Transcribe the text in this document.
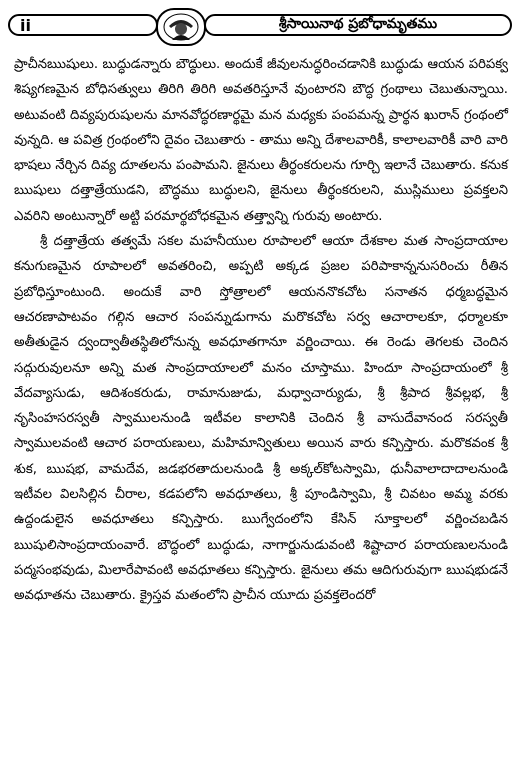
ii	శ్రీసాయినాథ ప్రబోధామృతము

ప్రాచీనఋషులు. బుద్ధుడన్నారు బౌద్ధులు. అందుకే జీవులనుద్ధరించడానికి బుద్ధుడు ఆయన పరిపక్వ శిష్యగణమైన బోధిసత్వులు తిరిగి తిరిగి అవతరిస్తూనే వుంటారని బౌద్ధ గ్రంథాలు చెబుతున్నాయి. అటువంటి దివ్యపురుషులను మానవోద్ధరణార్థమై మన మధ్యకు పంపమన్న ప్రార్థన ఖురాన్ గ్రంథంలో వున్నది. ఆ పవిత్ర గ్రంథంలోని దైవం చెబుతారు - తాము అన్ని దేశాలవారికీ, కాలాలవారికీ వారి వారి భాషలు నేర్చిన దివ్య దూతలను పంపామని. జైనులు తీర్థంకరులను గూర్చి ఇలానే చెబుతారు. కనుక ఋషులు దత్తాత్రేయుడని, బౌద్ధము బుద్ధులని, జైనులు తీర్థంకరులని, ముస్లిములు ప్రవక్తలని ఎవరిని అంటున్నారో అట్టి పరమార్థబోధకమైన తత్త్వాన్ని గురువు అంటారు.

శ్రీ దత్తాత్రేయ తత్వమే సకల మహనీయుల రూపాలలో ఆయా దేశకాల మత సాంప్రదాయాల కనుగుణమైన రూపాలలో అవతరించి, అప్పటి అక్కడ ప్రజల పరిపాకాన్ననుసరించు రీతిన ప్రబోధిస్తూంటుంది. అందుకే వారి స్తోత్రాలలో ఆయననొకచోట సనాతన ధర్మబద్ధమైన ఆచరణాపాటవం గల్గిన ఆచార సంపన్నుడుగాను మరొకచోట సర్వ ఆచారాలకూ, ధర్మాలకూ అతీతుడైన ద్వంద్వాతీతస్థితిలోనున్న అవధూతగానూ వర్ణించాయి. ఈ రెండు తెగలకు చెందిన సద్గురువులనూ అన్ని మత సాంప్రదాయాలలో మనం చూస్తాము. హిందూ సాంప్రదాయంలో శ్రీ వేదవ్యాసుడు, ఆదిశంకరుడు, రామానుజుడు, మధ్వాచార్యుడు, శ్రీ శ్రీపాద శ్రీవల్లభ, శ్రీ నృసింహసరస్వతీ స్వాములనుండి ఇటీవల కాలానికి చెందిన శ్రీ వాసుదేవానంద సరస్వతీ స్వాములవంటి ఆచార పరాయణులు, మహిమాన్వితులు అయిన వారు కన్పిస్తారు. మరొకవంక శ్రీ శుక, ఋషభ, వామదేవ, జడభరతాదులనుండి శ్రీ అక్కల్‌కోటస్వామి, ధునీవాలాదాదాలనుండి ఇటీవల విలసిల్లిన చీరాల, కడపలోని అవధూతలు, శ్రీ పూండిస్వామి, శ్రీ చివటం అమ్మ వరకు ఉద్దండులైన అవధూతలు కన్పిస్తారు. ఋగ్వేదంలోని కేసిన్ సూక్తాలలో వర్ణించబడిన ఋషులిసాంప్రదాయంవారే. బౌద్ధంలో బుద్ధుడు, నాగార్జునుడువంటి శిష్టాచార పరాయణులనుండి పద్మసంభవుడు, మిలారేపావంటి అవధూతలు కన్పిస్తారు. జైనులు తమ ఆదిగురువుగా ఋషభుడనే అవధూతను చెబుతారు. క్రైస్తవ మతంలోని ప్రాచీన యూదు ప్రవక్తలెందరో
